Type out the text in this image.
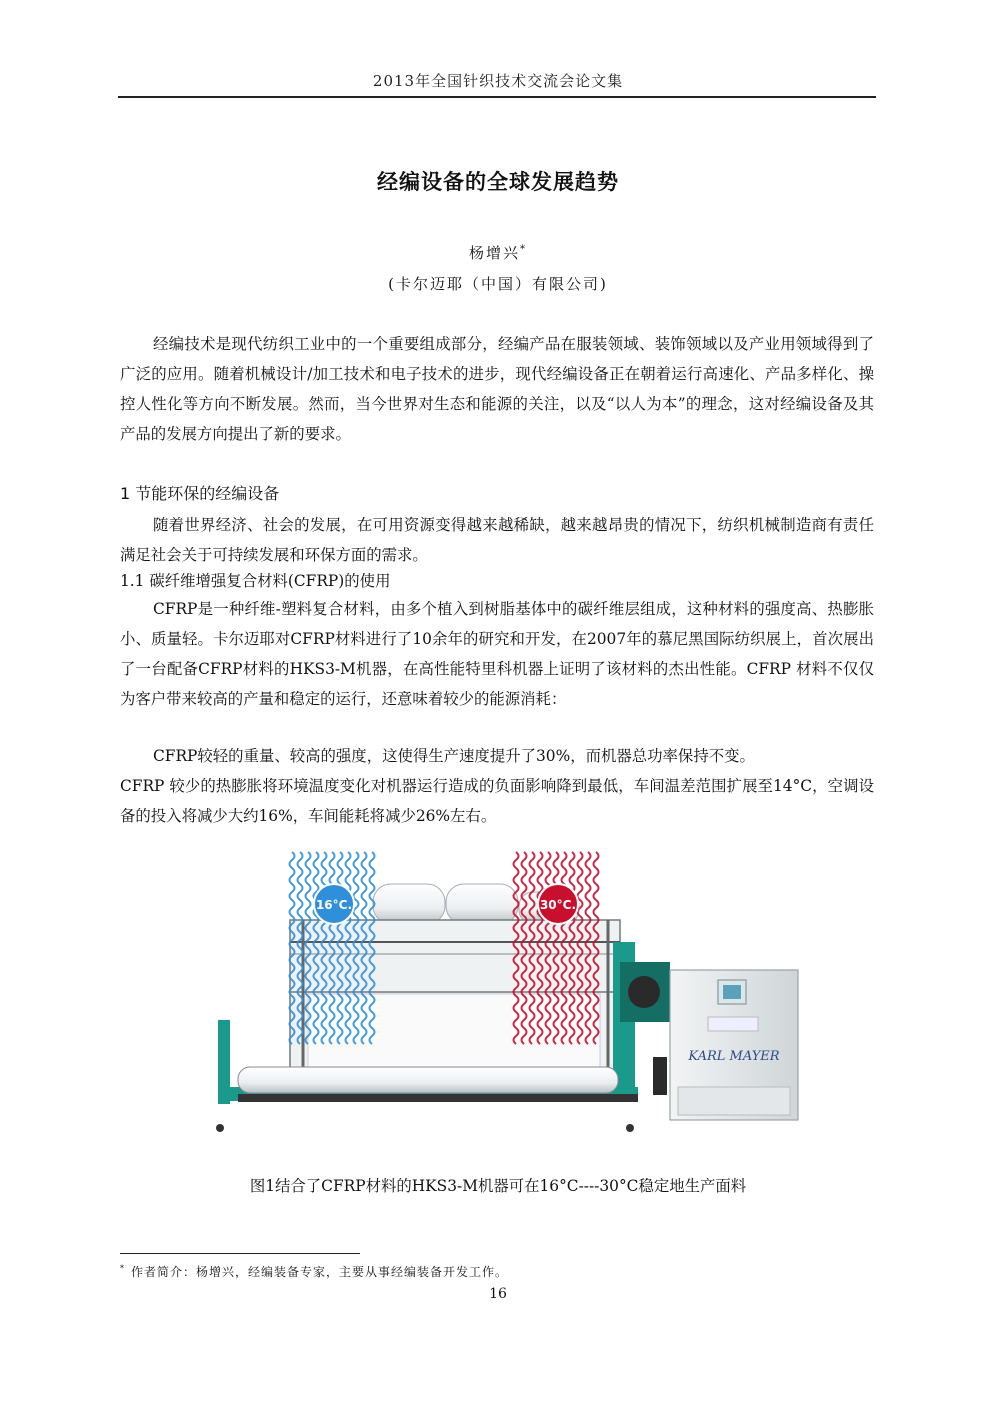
2013年全国针织技术交流会论文集
经编设备的全球发展趋势
杨增兴*
(卡尔迈耶（中国）有限公司)

经编技术是现代纺织工业中的一个重要组成部分，经编产品在服装领域、装饰领域以及产业用领域得到了广泛的应用。随着机械设计/加工技术和电子技术的进步，现代经编设备正在朝着运行高速化、产品多样化、操控人性化等方向不断发展。然而，当今世界对生态和能源的关注，以及“以人为本”的理念，这对经编设备及其产品的发展方向提出了新的要求。

1 节能环保的经编设备

随着世界经济、社会的发展，在可用资源变得越来越稀缺，越来越昂贵的情况下，纺织机械制造商有责任满足社会关于可持续发展和环保方面的需求。

1.1 碳纤维增强复合材料(CFRP)的使用

CFRP是一种纤维-塑料复合材料，由多个植入到树脂基体中的碳纤维层组成，这种材料的强度高、热膨胀小、质量轻。卡尔迈耶对CFRP材料进行了10余年的研究和开发，在2007年的慕尼黑国际纺织展上，首次展出了一台配备CFRP材料的HKS3-M机器，在高性能特里科机器上证明了该材料的杰出性能。CFRP 材料不仅仅为客户带来较高的产量和稳定的运行，还意味着较少的能源消耗：

CFRP较轻的重量、较高的强度，这使得生产速度提升了30%，而机器总功率保持不变。

CFRP 较少的热膨胀将环境温度变化对机器运行造成的负面影响降到最低，车间温差范围扩展至14°C，空调设备的投入将减少大约16%，车间能耗将减少26%左右。

KARL MAYER
16°C.	30°C.
图1结合了CFRP材料的HKS3-M机器可在16°C----30°C稳定地生产面料
* 作者简介：杨增兴，经编装备专家，主要从事经编装备开发工作。
16
